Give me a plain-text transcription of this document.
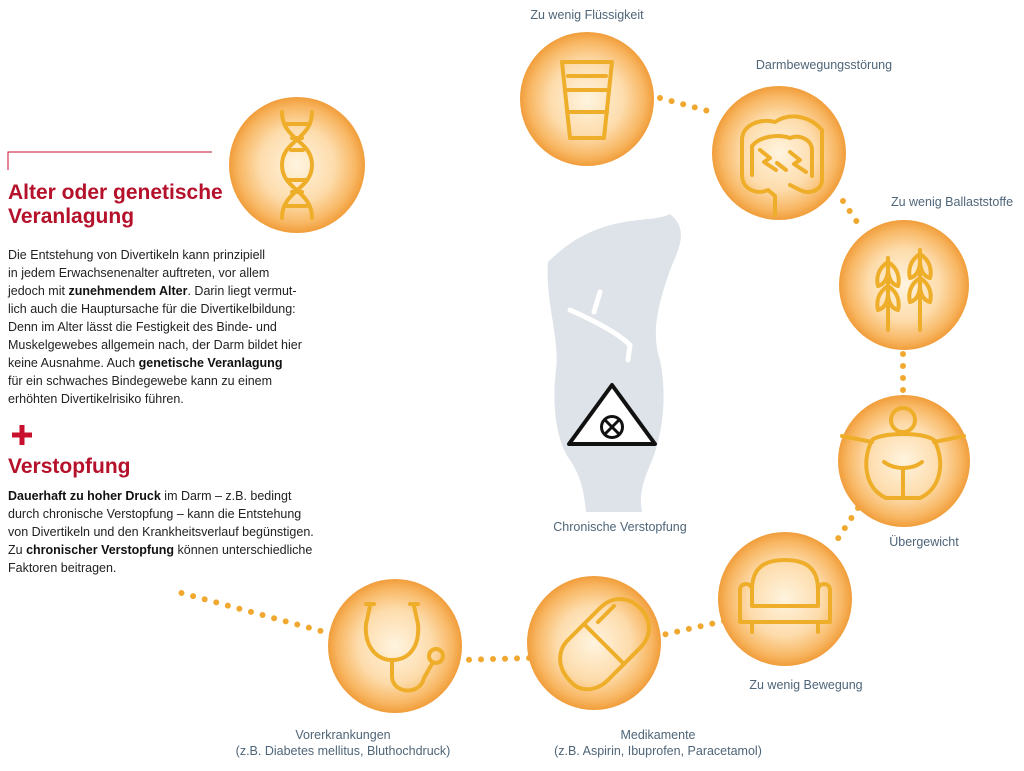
Alter oder genetische
Veranlagung
Die Entstehung von Divertikeln kann prinzipiell
in jedem Erwachsenenalter auftreten, vor allem
jedoch mit zunehmendem Alter. Darin liegt vermut-
lich auch die Hauptursache für die Divertikelbildung:
Denn im Alter lässt die Festigkeit des Binde- und
Muskelgewebes allgemein nach, der Darm bildet hier
keine Ausnahme. Auch genetische Veranlagung
für ein schwaches Bindegewebe kann zu einem
erhöhten Divertikelrisiko führen.
Verstopfung
Dauerhaft zu hoher Druck im Darm – z.B. bedingt
durch chronische Verstopfung – kann die Entstehung
von Divertikeln und den Krankheitsverlauf begünstigen.
Zu chronischer Verstopfung können unterschiedliche
Faktoren beitragen.
Zu wenig Flüssigkeit
Darmbewegungsstörung
Zu wenig Ballaststoffe
Übergewicht
Zu wenig Bewegung
Medikamente
(z.B. Aspirin, Ibuprofen, Paracetamol)
Vorerkrankungen
(z.B. Diabetes mellitus, Bluthochdruck)
Chronische Verstopfung
